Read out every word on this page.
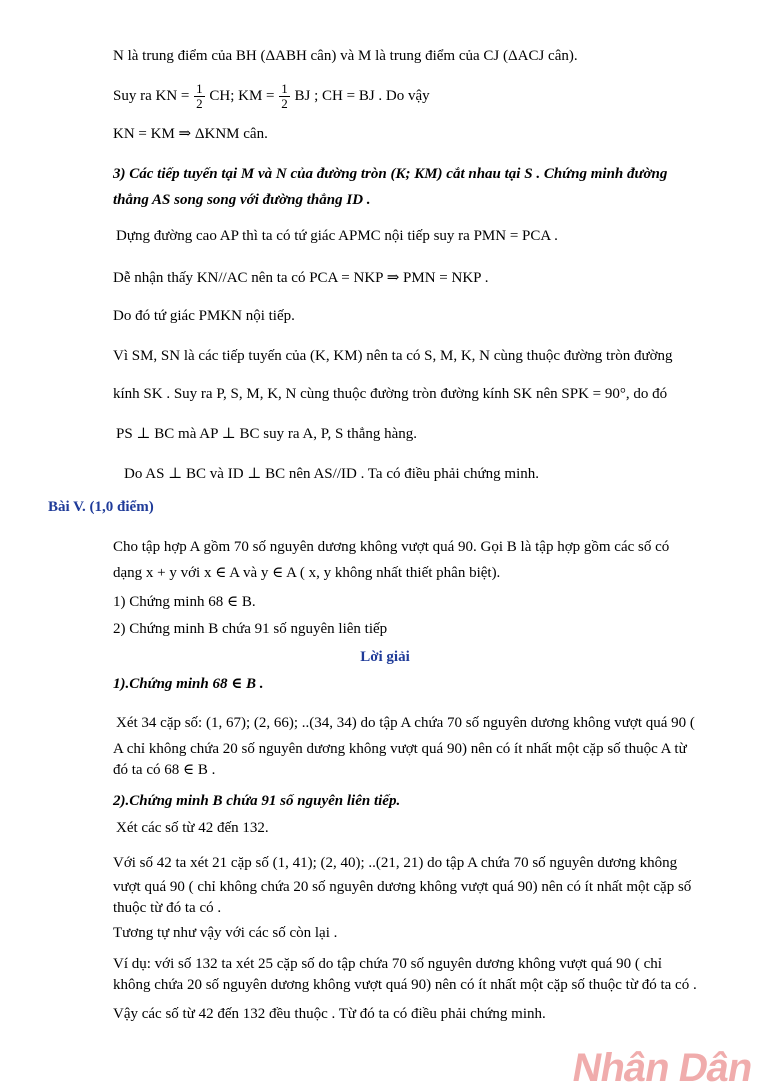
N là trung điểm của BH (ΔABH cân) và M là trung điểm của CJ (ΔACJ cân).

Suy ra KN = $\frac{1}{2}$ CH; KM = $\frac{1}{2}$ BJ ; CH = BJ . Do vậy

KN = KM ⇒ ΔKNM cân.

3) Các tiếp tuyến tại M và N của đường tròn (K; KM) cắt nhau tại S . Chứng minh đường

thẳng AS song song với đường thẳng ID .

Dựng đường cao AP thì ta có tứ giác APMC nội tiếp suy ra PMN = PCA .

Dễ nhận thấy KN//AC nên ta có PCA = NKP ⇒ PMN = NKP .

Do đó tứ giác PMKN nội tiếp.

Vì SM, SN là các tiếp tuyến của (K, KM) nên ta có S, M, K, N cùng thuộc đường tròn đường

kính SK . Suy ra P, S, M, K, N cùng thuộc đường tròn đường kính SK nên SPK = 90°, do đó

PS ⊥ BC mà AP ⊥ BC suy ra A, P, S thẳng hàng.

Do AS ⊥ BC và ID ⊥ BC nên AS//ID . Ta có điều phải chứng minh.

Bài V. (1,0 điểm)

Cho tập hợp A gồm 70 số nguyên dương không vượt quá 90. Gọi B là tập hợp gồm các số có

dạng x + y với x ∈ A và y ∈ A ( x, y không nhất thiết phân biệt).

1) Chứng minh 68 ∈ B.

2) Chứng minh B chứa 91 số nguyên liên tiếp

Lời giải

1).Chứng minh 68 ∈ B .

Xét 34 cặp số: (1, 67); (2, 66); ..(34, 34) do tập A chứa 70 số nguyên dương không vượt quá 90 (

A chỉ không chứa 20 số nguyên dương không vượt quá 90) nên có ít nhất một cặp số thuộc A từ

đó ta có 68 ∈ B .

2).Chứng minh B chứa 91 số nguyên liên tiếp.

Xét các số từ 42 đến 132.

Với số 42 ta xét 21 cặp số (1, 41); (2, 40); ..(21, 21) do tập A chứa 70 số nguyên dương không

vượt quá 90 ( chỉ không chứa 20 số nguyên dương không vượt quá 90) nên có ít nhất một cặp số

thuộc từ đó ta có .

Tương tự như vậy với các số còn lại .

Ví dụ: với số 132 ta xét 25 cặp số do tập chứa 70 số nguyên dương không vượt quá 90 ( chỉ

không chứa 20 số nguyên dương không vượt quá 90) nên có ít nhất một cặp số thuộc từ đó ta có .

Vậy các số từ 42 đến 132 đều thuộc . Từ đó ta có điều phải chứng minh.

Nhân Dân
